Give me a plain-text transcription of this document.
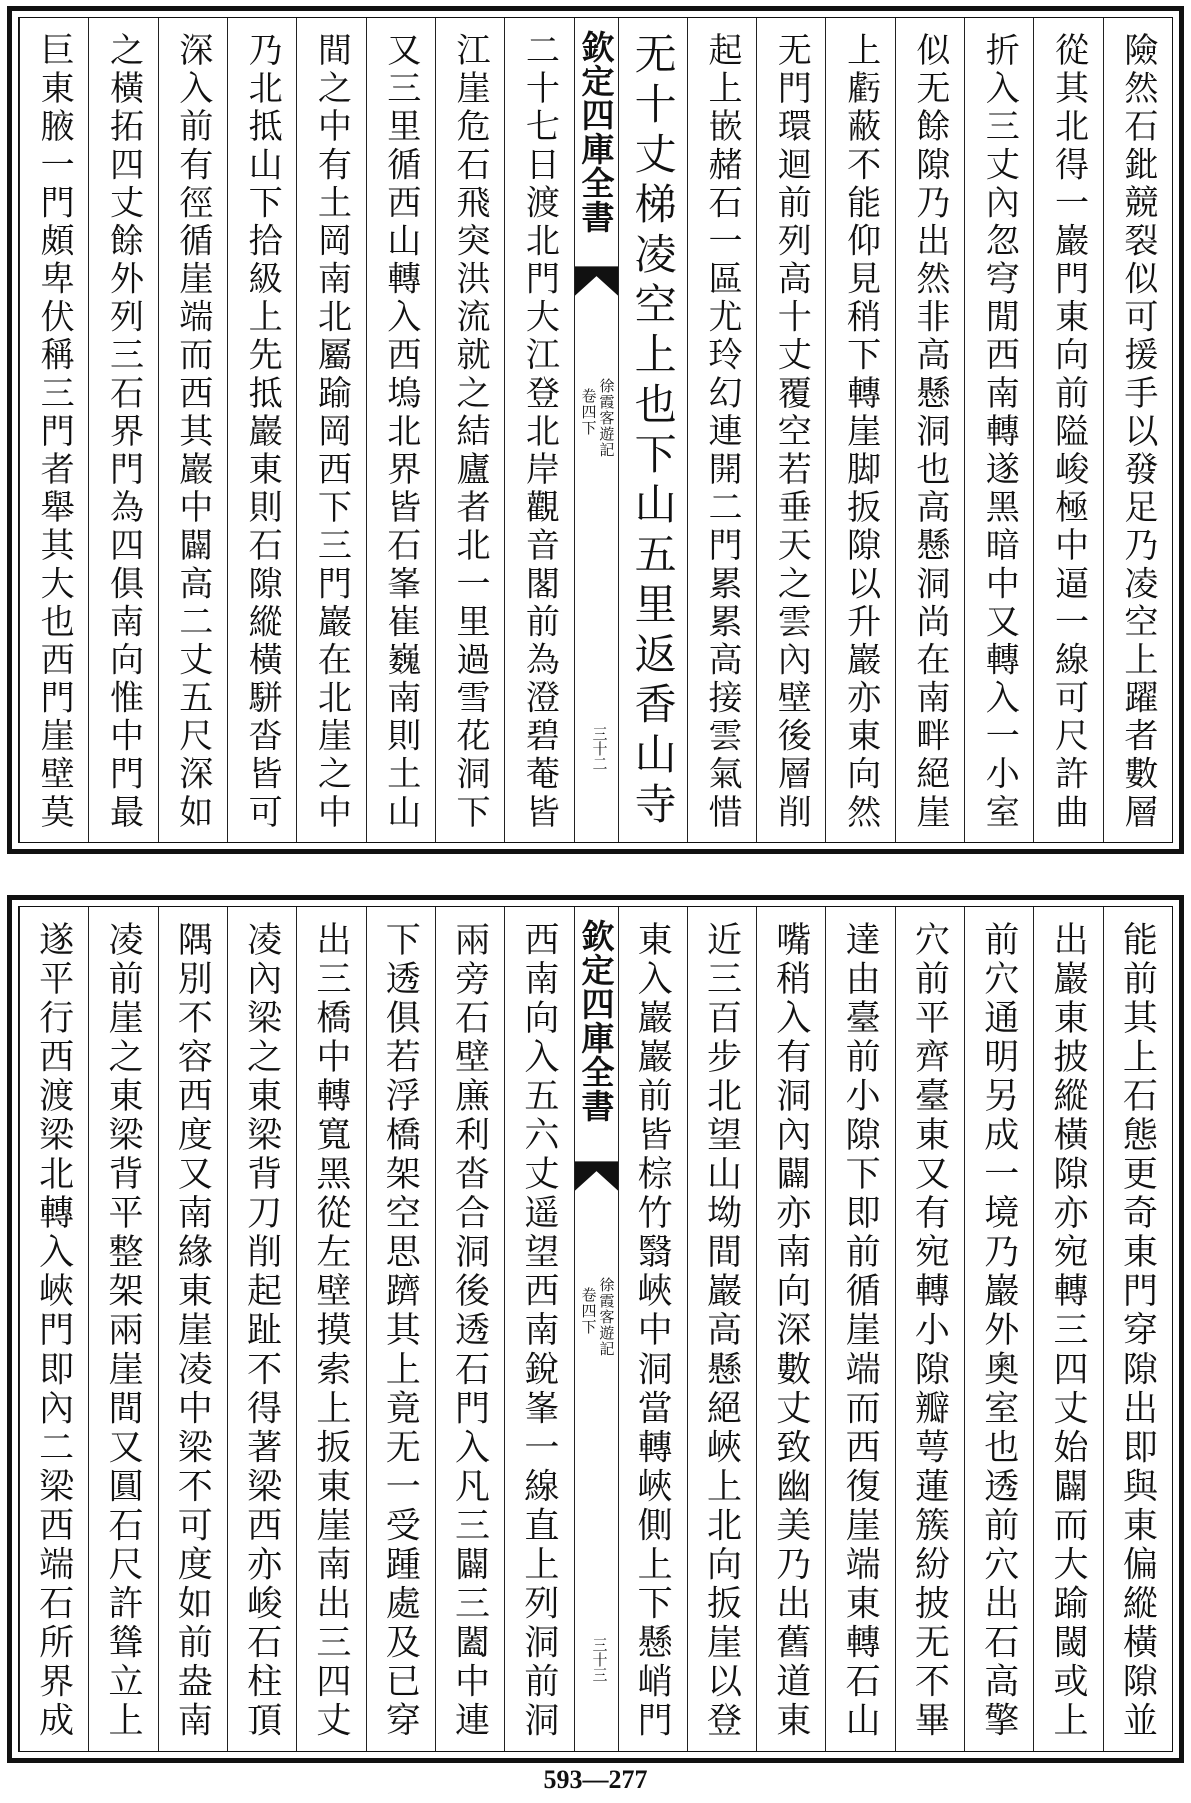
險然石鈚競裂似可援手以發足乃凌空上躍者數層
從其北得一巖門東向前隘峻極中逼一線可尺許曲
折入三丈內忽穹閒西南轉遂黑暗中又轉入一小室
似无餘隙乃出然非高懸洞也高懸洞尚在南畔絕崖
上虧蔽不能仰見稍下轉崖脚扳隙以升巖亦東向然
无門環迴前列高十丈覆空若垂天之雲內壁後層削
起上嵌赭石一區尤玲幻連開二門累累高接雲氣惜
无十丈梯凌空上也下山五里返香山寺
欽定四庫全書
徐霞客遊記
卷四下
三十二
二十七日渡北門大江登北岸觀音閣前為澄碧菴皆
江崖危石飛突洪流就之結廬者北一里過雪花洞下
又三里循西山轉入西塢北界皆石峯崔巍南則土山
間之中有土岡南北屬踰岡西下三門巖在北崖之中
乃北抵山下拾級上先抵巖東則石隙縱橫駢沓皆可
深入前有徑循崖端而西其巖中闢高二丈五尺深如
之橫拓四丈餘外列三石界門為四俱南向惟中門最
巨東腋一門頗卑伏稱三門者舉其大也西門崖壁莫
能前其上石態更奇東門穿隙出即與東偏縱橫隙並
出巖東披縱橫隙亦宛轉三四丈始闢而大踰閾或上
前穴通明另成一境乃巖外奧室也透前穴出石高擎
穴前平齊臺東又有宛轉小隙瓣萼蓮簇紛披无不畢
達由臺前小隙下即前循崖端而西復崖端東轉石山
嘴稍入有洞內闢亦南向深數丈致幽美乃出舊道東
近三百步北望山坳間巖高懸絕峽上北向扳崖以登
東入巖巖前皆棕竹翳峽中洞當轉峽側上下懸峭門
欽定四庫全書
徐霞客遊記
卷四下
三十三
西南向入五六丈遥望西南銳峯一線直上列洞前洞
兩旁石壁㢘利沓合洞後透石門入凡三闢三闔中連
下透俱若浮橋架空思躋其上竟无一受踵處及已穿
出三橋中轉寬黑從左壁摸索上扳東崖南出三四丈
凌內梁之東梁背刀削起趾不得著梁西亦峻石柱頂
隅別不容西度又南緣東崖凌中梁不可度如前盎南
凌前崖之東梁背平整架兩崖間又圓石尺許聳立上
遂平行西渡梁北轉入峽門即內二梁西端石所界成
593—277
